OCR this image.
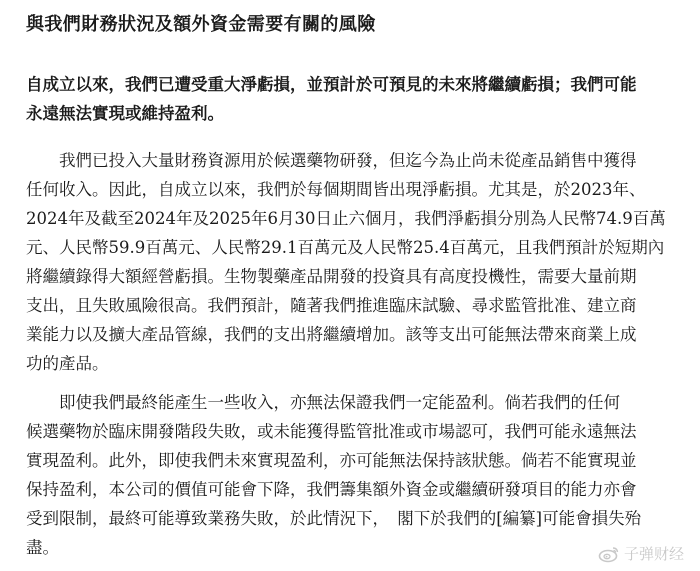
與我們財務狀況及額外資金需要有關的風險

自成立以來，我們已遭受重大淨虧損，並預計於可預見的未來將繼續虧損；我們可能
永遠無法實現或維持盈利。

　　我們已投入大量財務資源用於候選藥物研發，但迄今為止尚未從產品銷售中獲得
任何收入。因此，自成立以來，我們於每個期間皆出現淨虧損。尤其是，於2023年、
2024年及截至2024年及2025年6月30日止六個月，我們淨虧損分別為人民幣74.9百萬
元、人民幣59.9百萬元、人民幣29.1百萬元及人民幣25.4百萬元，且我們預計於短期內
將繼續錄得大額經營虧損。生物製藥產品開發的投資具有高度投機性，需要大量前期
支出，且失敗風險很高。我們預計，隨著我們推進臨床試驗、尋求監管批准、建立商
業能力以及擴大產品管線，我們的支出將繼續增加。該等支出可能無法帶來商業上成
功的產品。

　　即使我們最終能產生一些收入，亦無法保證我們一定能盈利。倘若我們的任何
候選藥物於臨床開發階段失敗，或未能獲得監管批准或市場認可，我們可能永遠無法
實現盈利。此外，即使我們未來實現盈利，亦可能無法保持該狀態。倘若不能實現並
保持盈利，本公司的價值可能會下降，我們籌集額外資金或繼續研發項目的能力亦會
受到限制，最終可能導致業務失敗，於此情況下，　閣下於我們的[編纂]可能會損失殆
盡。	子弹财经
